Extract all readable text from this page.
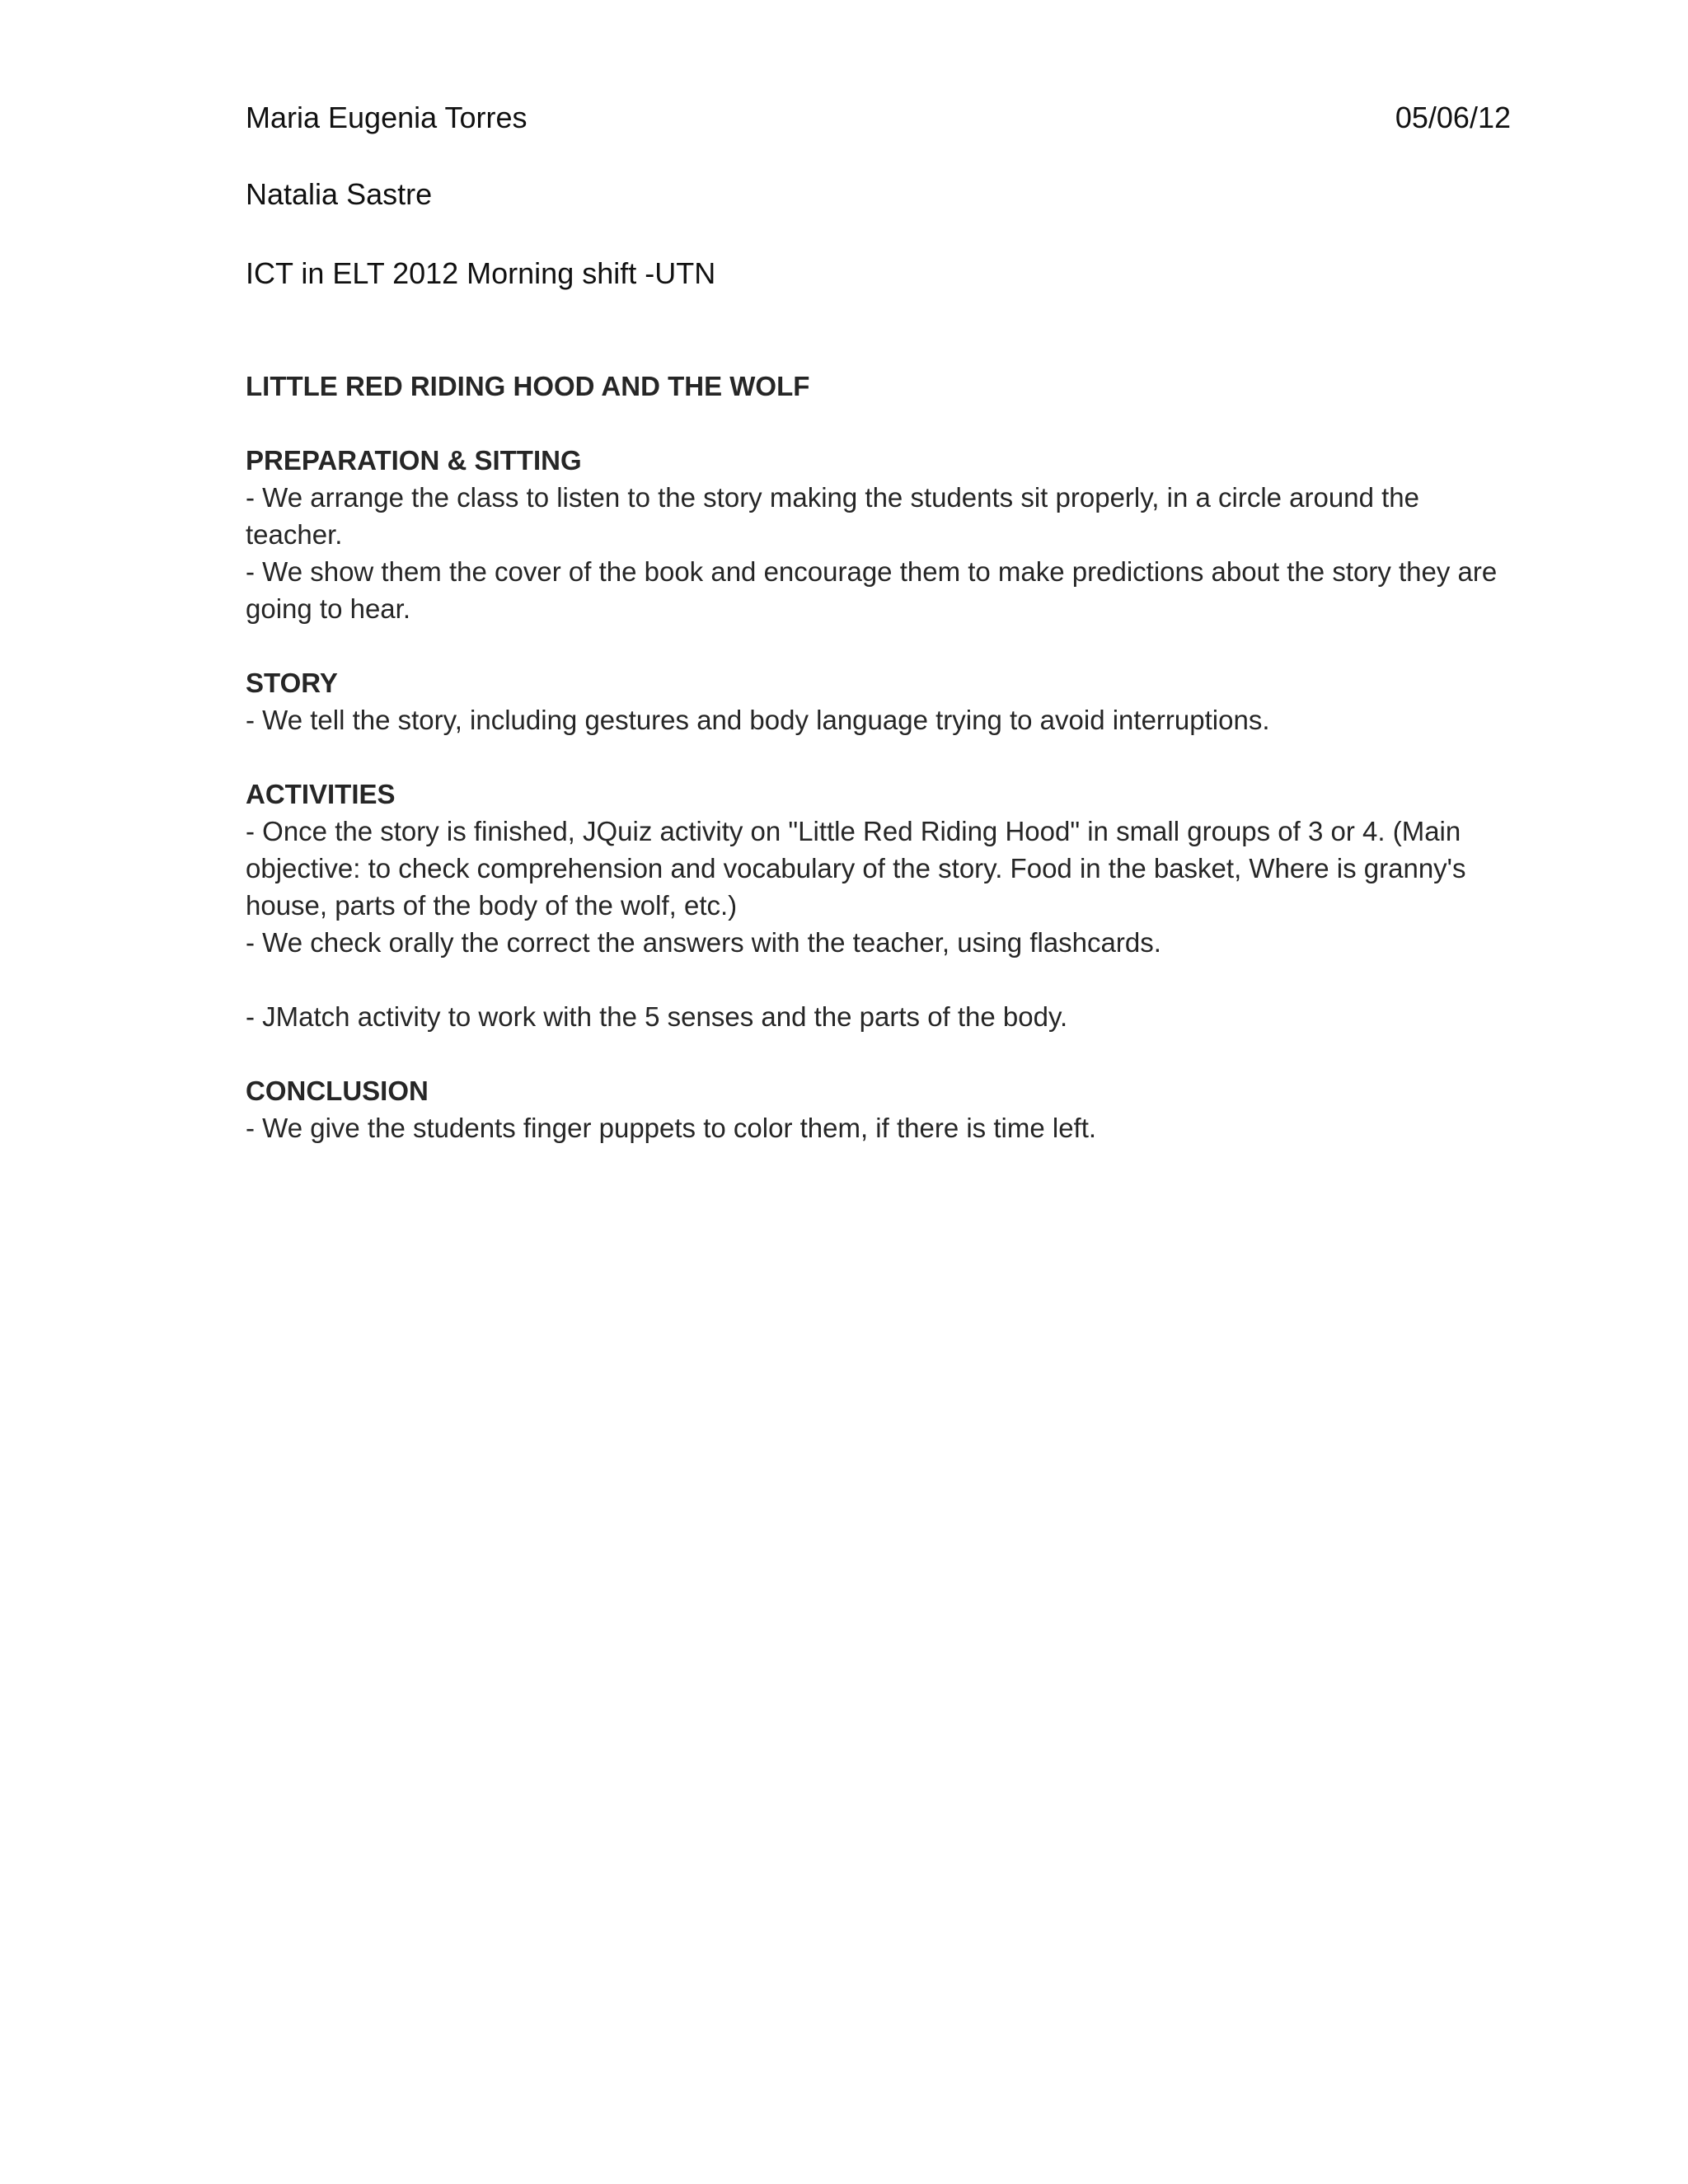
Maria Eugenia Torres	05/06/12

Natalia Sastre

ICT in ELT 2012 Morning shift -UTN

LITTLE RED RIDING HOOD AND THE WOLF

PREPARATION & SITTING

- We arrange the class to listen to the story making the students sit properly, in a circle around the teacher.

- We show them the cover of the book and encourage them to make predictions about the story they are going to hear.

STORY

- We tell the story, including gestures and body language trying to avoid interruptions.

ACTIVITIES

- Once the story is finished, JQuiz activity on "Little Red Riding Hood" in small groups of 3 or 4. (Main objective: to check comprehension and vocabulary of the story. Food in the basket, Where is granny's house, parts of the body of the wolf, etc.)

- We check orally the correct the answers with the teacher, using flashcards.

- JMatch activity to work with the 5 senses and the parts of the body.

CONCLUSION

- We give the students finger puppets to color them, if there is time left.
